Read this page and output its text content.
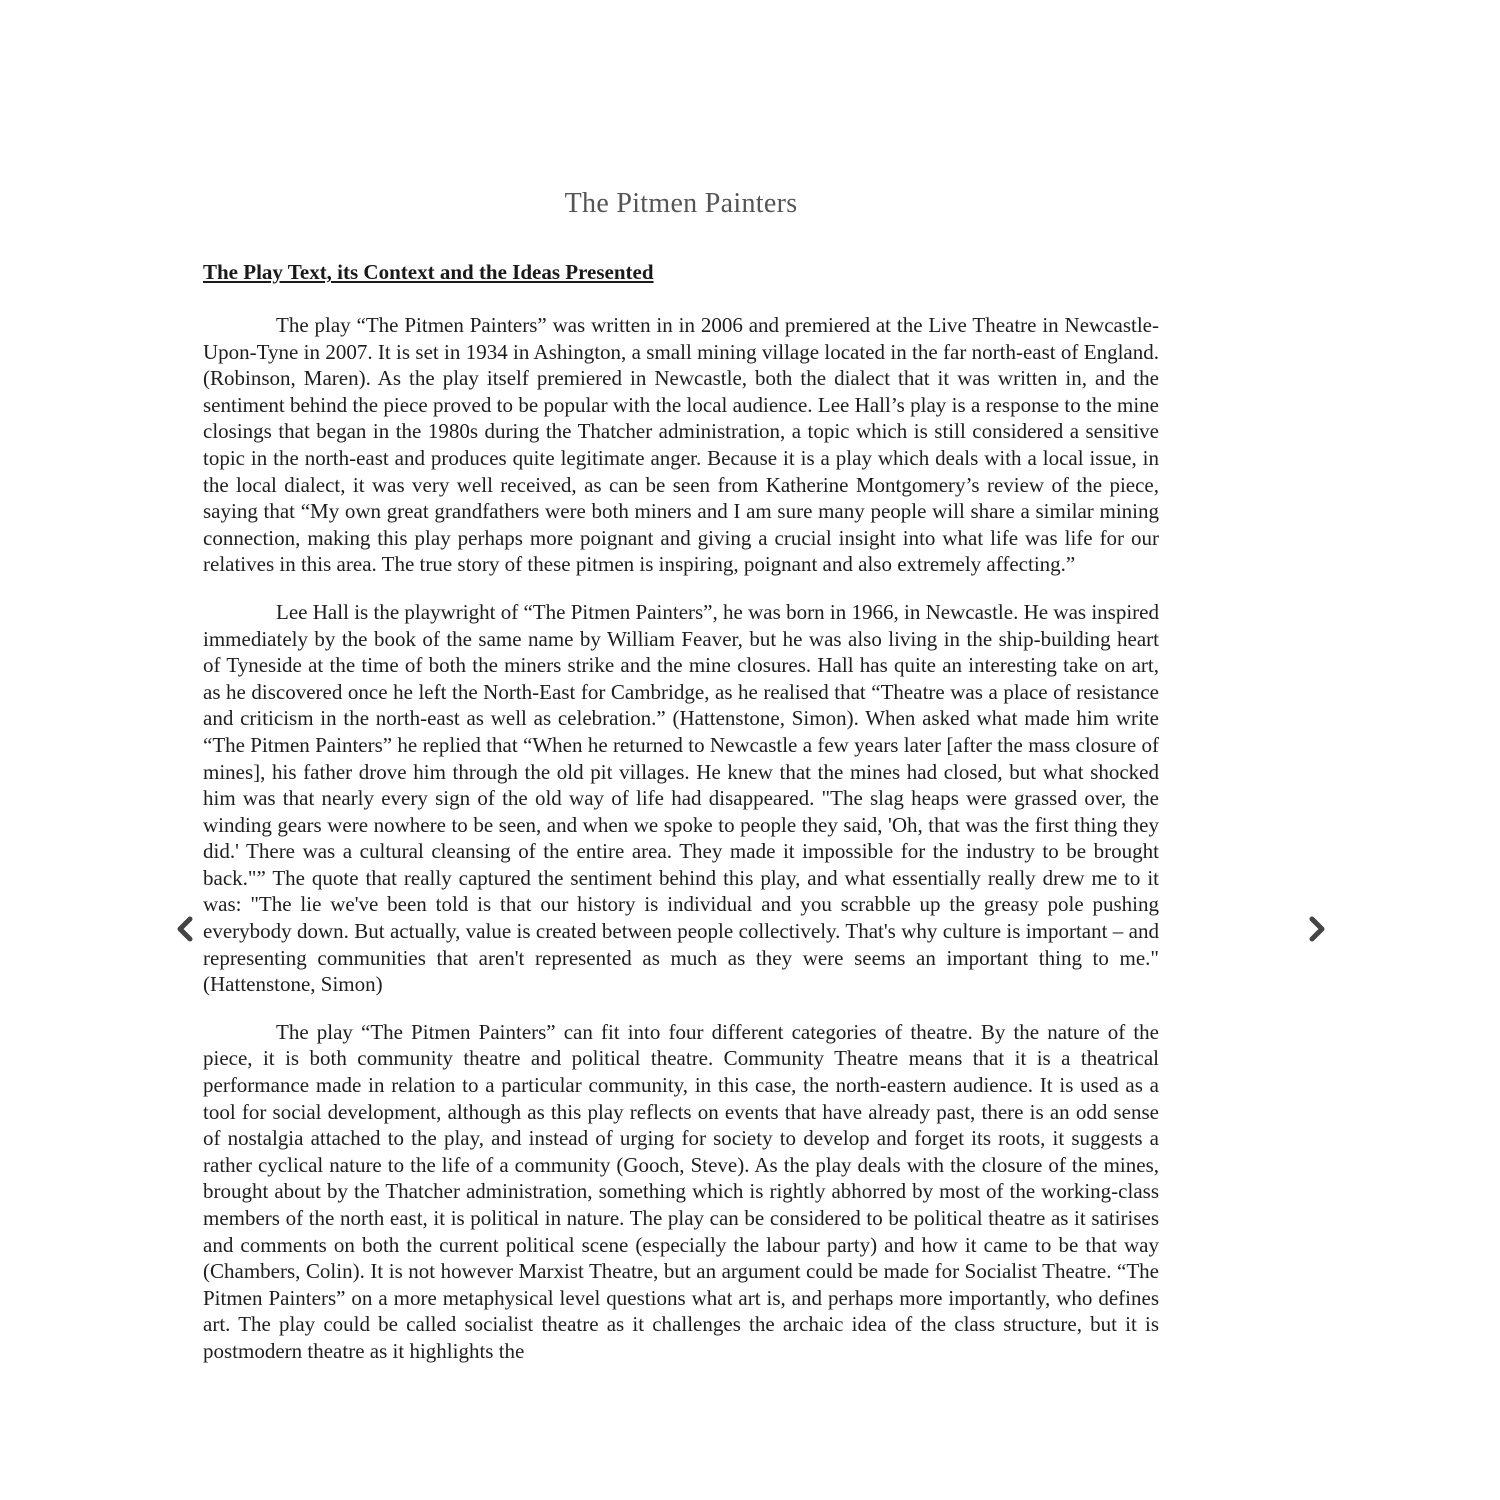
The Pitmen Painters
The Play Text, its Context and the Ideas Presented

The play “The Pitmen Painters” was written in in 2006 and premiered at the Live Theatre in Newcastle-Upon-Tyne in 2007. It is set in 1934 in Ashington, a small mining village located in the far north-east of England. (Robinson, Maren). As the play itself premiered in Newcastle, both the dialect that it was written in, and the sentiment behind the piece proved to be popular with the local audience. Lee Hall’s play is a response to the mine closings that began in the 1980s during the Thatcher administration, a topic which is still considered a sensitive topic in the north-east and produces quite legitimate anger. Because it is a play which deals with a local issue, in the local dialect, it was very well received, as can be seen from Katherine Montgomery’s review of the piece, saying that “My own great grandfathers were both miners and I am sure many people will share a similar mining connection, making this play perhaps more poignant and giving a crucial insight into what life was life for our relatives in this area. The true story of these pitmen is inspiring, poignant and also extremely affecting.”

Lee Hall is the playwright of “The Pitmen Painters”, he was born in 1966, in Newcastle. He was inspired immediately by the book of the same name by William Feaver, but he was also living in the ship-building heart of Tyneside at the time of both the miners strike and the mine closures. Hall has quite an interesting take on art, as he discovered once he left the North-East for Cambridge, as he realised that “Theatre was a place of resistance and criticism in the north-east as well as celebration.” (Hattenstone, Simon). When asked what made him write “The Pitmen Painters” he replied that “When he returned to Newcastle a few years later [after the mass closure of mines], his father drove him through the old pit villages. He knew that the mines had closed, but what shocked him was that nearly every sign of the old way of life had disappeared. "The slag heaps were grassed over, the winding gears were nowhere to be seen, and when we spoke to people they said, 'Oh, that was the first thing they did.' There was a cultural cleansing of the entire area. They made it impossible for the industry to be brought back."” The quote that really captured the sentiment behind this play, and what essentially really drew me to it was: "The lie we've been told is that our history is individual and you scrabble up the greasy pole pushing everybody down. But actually, value is created between people collectively. That's why culture is important – and representing communities that aren't represented as much as they were seems an important thing to me." (Hattenstone, Simon)

The play “The Pitmen Painters” can fit into four different categories of theatre. By the nature of the piece, it is both community theatre and political theatre. Community Theatre means that it is a theatrical performance made in relation to a particular community, in this case, the north-eastern audience. It is used as a tool for social development, although as this play reflects on events that have already past, there is an odd sense of nostalgia attached to the play, and instead of urging for society to develop and forget its roots, it suggests a rather cyclical nature to the life of a community (Gooch, Steve). As the play deals with the closure of the mines, brought about by the Thatcher administration, something which is rightly abhorred by most of the working-class members of the north east, it is political in nature. The play can be considered to be political theatre as it satirises and comments on both the current political scene (especially the labour party) and how it came to be that way (Chambers, Colin). It is not however Marxist Theatre, but an argument could be made for Socialist Theatre. “The Pitmen Painters” on a more metaphysical level questions what art is, and perhaps more importantly, who defines art. The play could be called socialist theatre as it challenges the archaic idea of the class structure, but it is postmodern theatre as it highlights the
